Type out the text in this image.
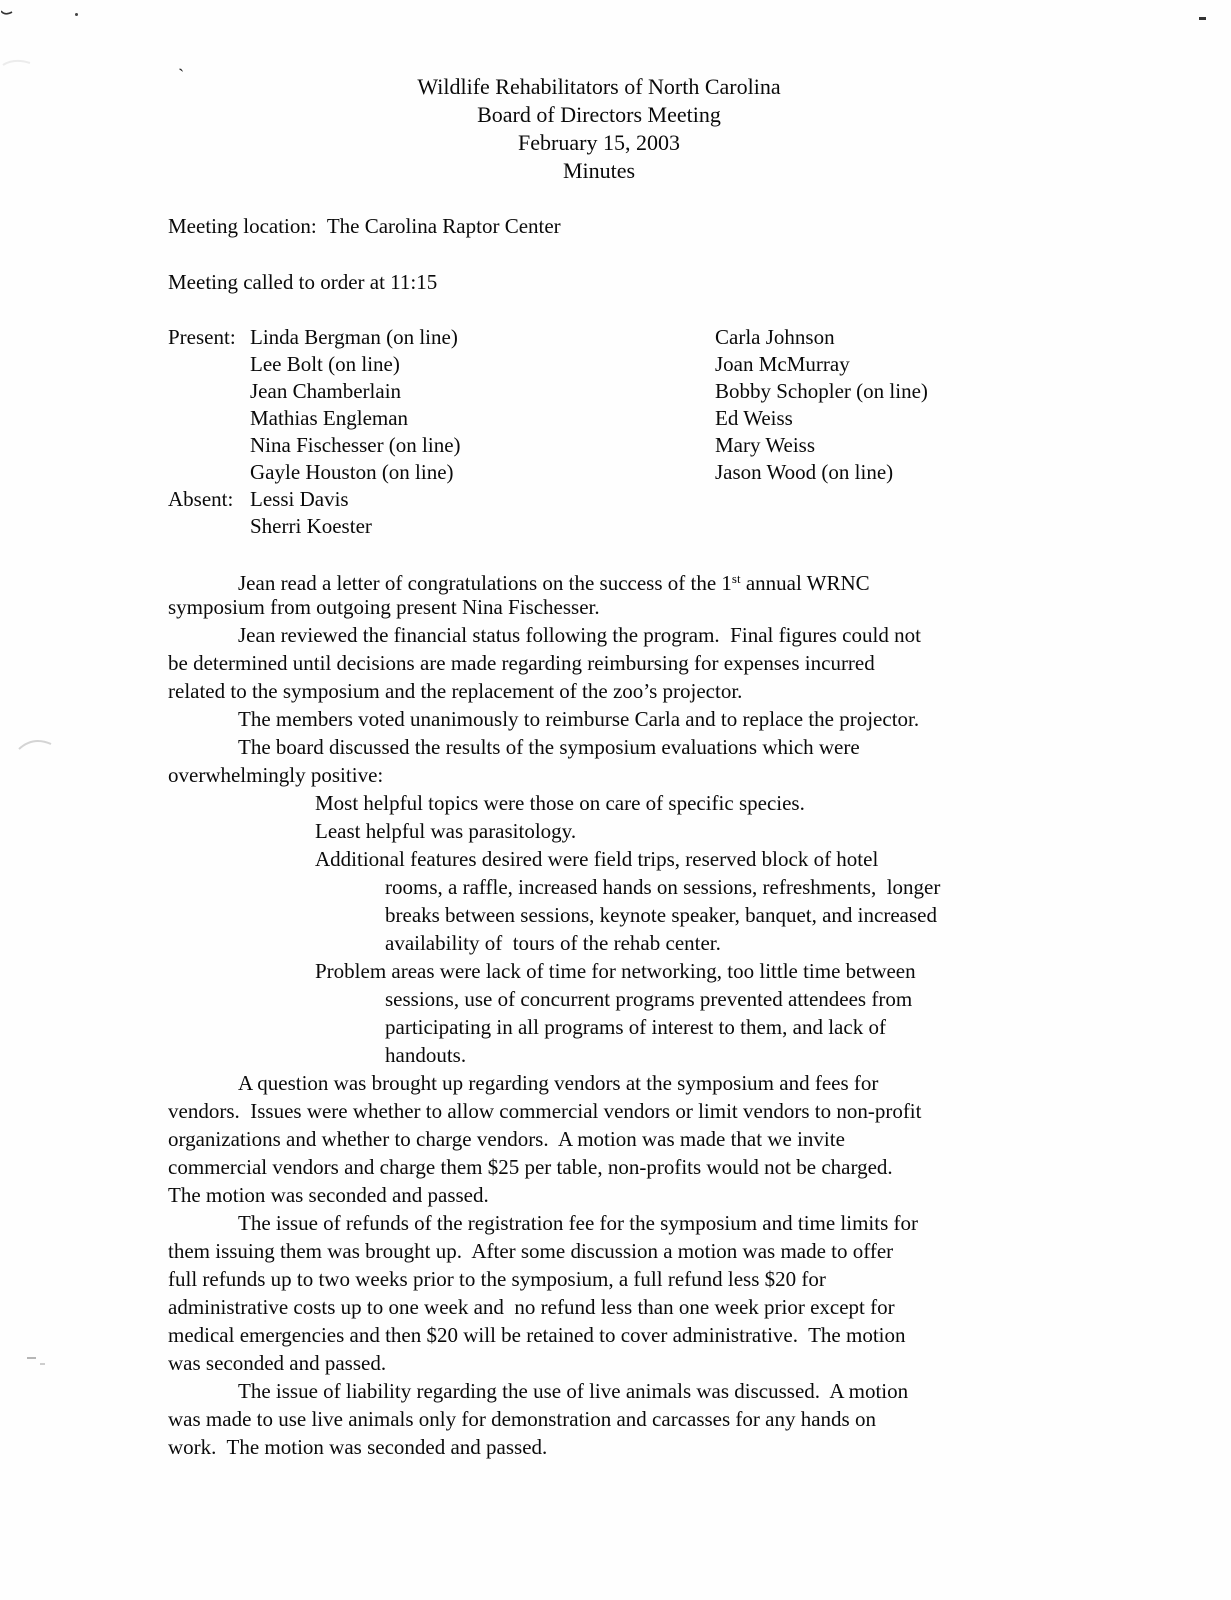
`	Wildlife Rehabilitators of North Carolina
Board of Directors Meeting
February 15, 2003
Minutes
Meeting location:  The Carolina Raptor Center
Meeting called to order at 11:15
Present: Linda Bergman (on line)	Carla Johnson
Lee Bolt (on line)	Joan McMurray
Jean Chamberlain	Bobby Schopler (on line)
Mathias Engleman	Ed Weiss
Nina Fischesser (on line)	Mary Weiss
Gayle Houston (on line)	Jason Wood (on line)
Absent: Lessi Davis
Sherri Koester
Jean read a letter of congratulations on the success of the 1st annual WRNC
symposium from outgoing present Nina Fischesser.
Jean reviewed the financial status following the program.  Final figures could not
be determined until decisions are made regarding reimbursing for expenses incurred
related to the symposium and the replacement of the zoo’s projector.
The members voted unanimously to reimburse Carla and to replace the projector.
The board discussed the results of the symposium evaluations which were
overwhelmingly positive:
Most helpful topics were those on care of specific species.
Least helpful was parasitology.
Additional features desired were field trips, reserved block of hotel
rooms, a raffle, increased hands on sessions, refreshments,  longer
breaks between sessions, keynote speaker, banquet, and increased
availability of  tours of the rehab center.
Problem areas were lack of time for networking, too little time between
sessions, use of concurrent programs prevented attendees from
participating in all programs of interest to them, and lack of
handouts.
A question was brought up regarding vendors at the symposium and fees for
vendors.  Issues were whether to allow commercial vendors or limit vendors to non-profit
organizations and whether to charge vendors.  A motion was made that we invite
commercial vendors and charge them $25 per table, non-profits would not be charged.
The motion was seconded and passed.
The issue of refunds of the registration fee for the symposium and time limits for
them issuing them was brought up.  After some discussion a motion was made to offer
full refunds up to two weeks prior to the symposium, a full refund less $20 for
administrative costs up to one week and  no refund less than one week prior except for
medical emergencies and then $20 will be retained to cover administrative.  The motion
was seconded and passed.
The issue of liability regarding the use of live animals was discussed.  A motion
was made to use live animals only for demonstration and carcasses for any hands on
work.  The motion was seconded and passed.
